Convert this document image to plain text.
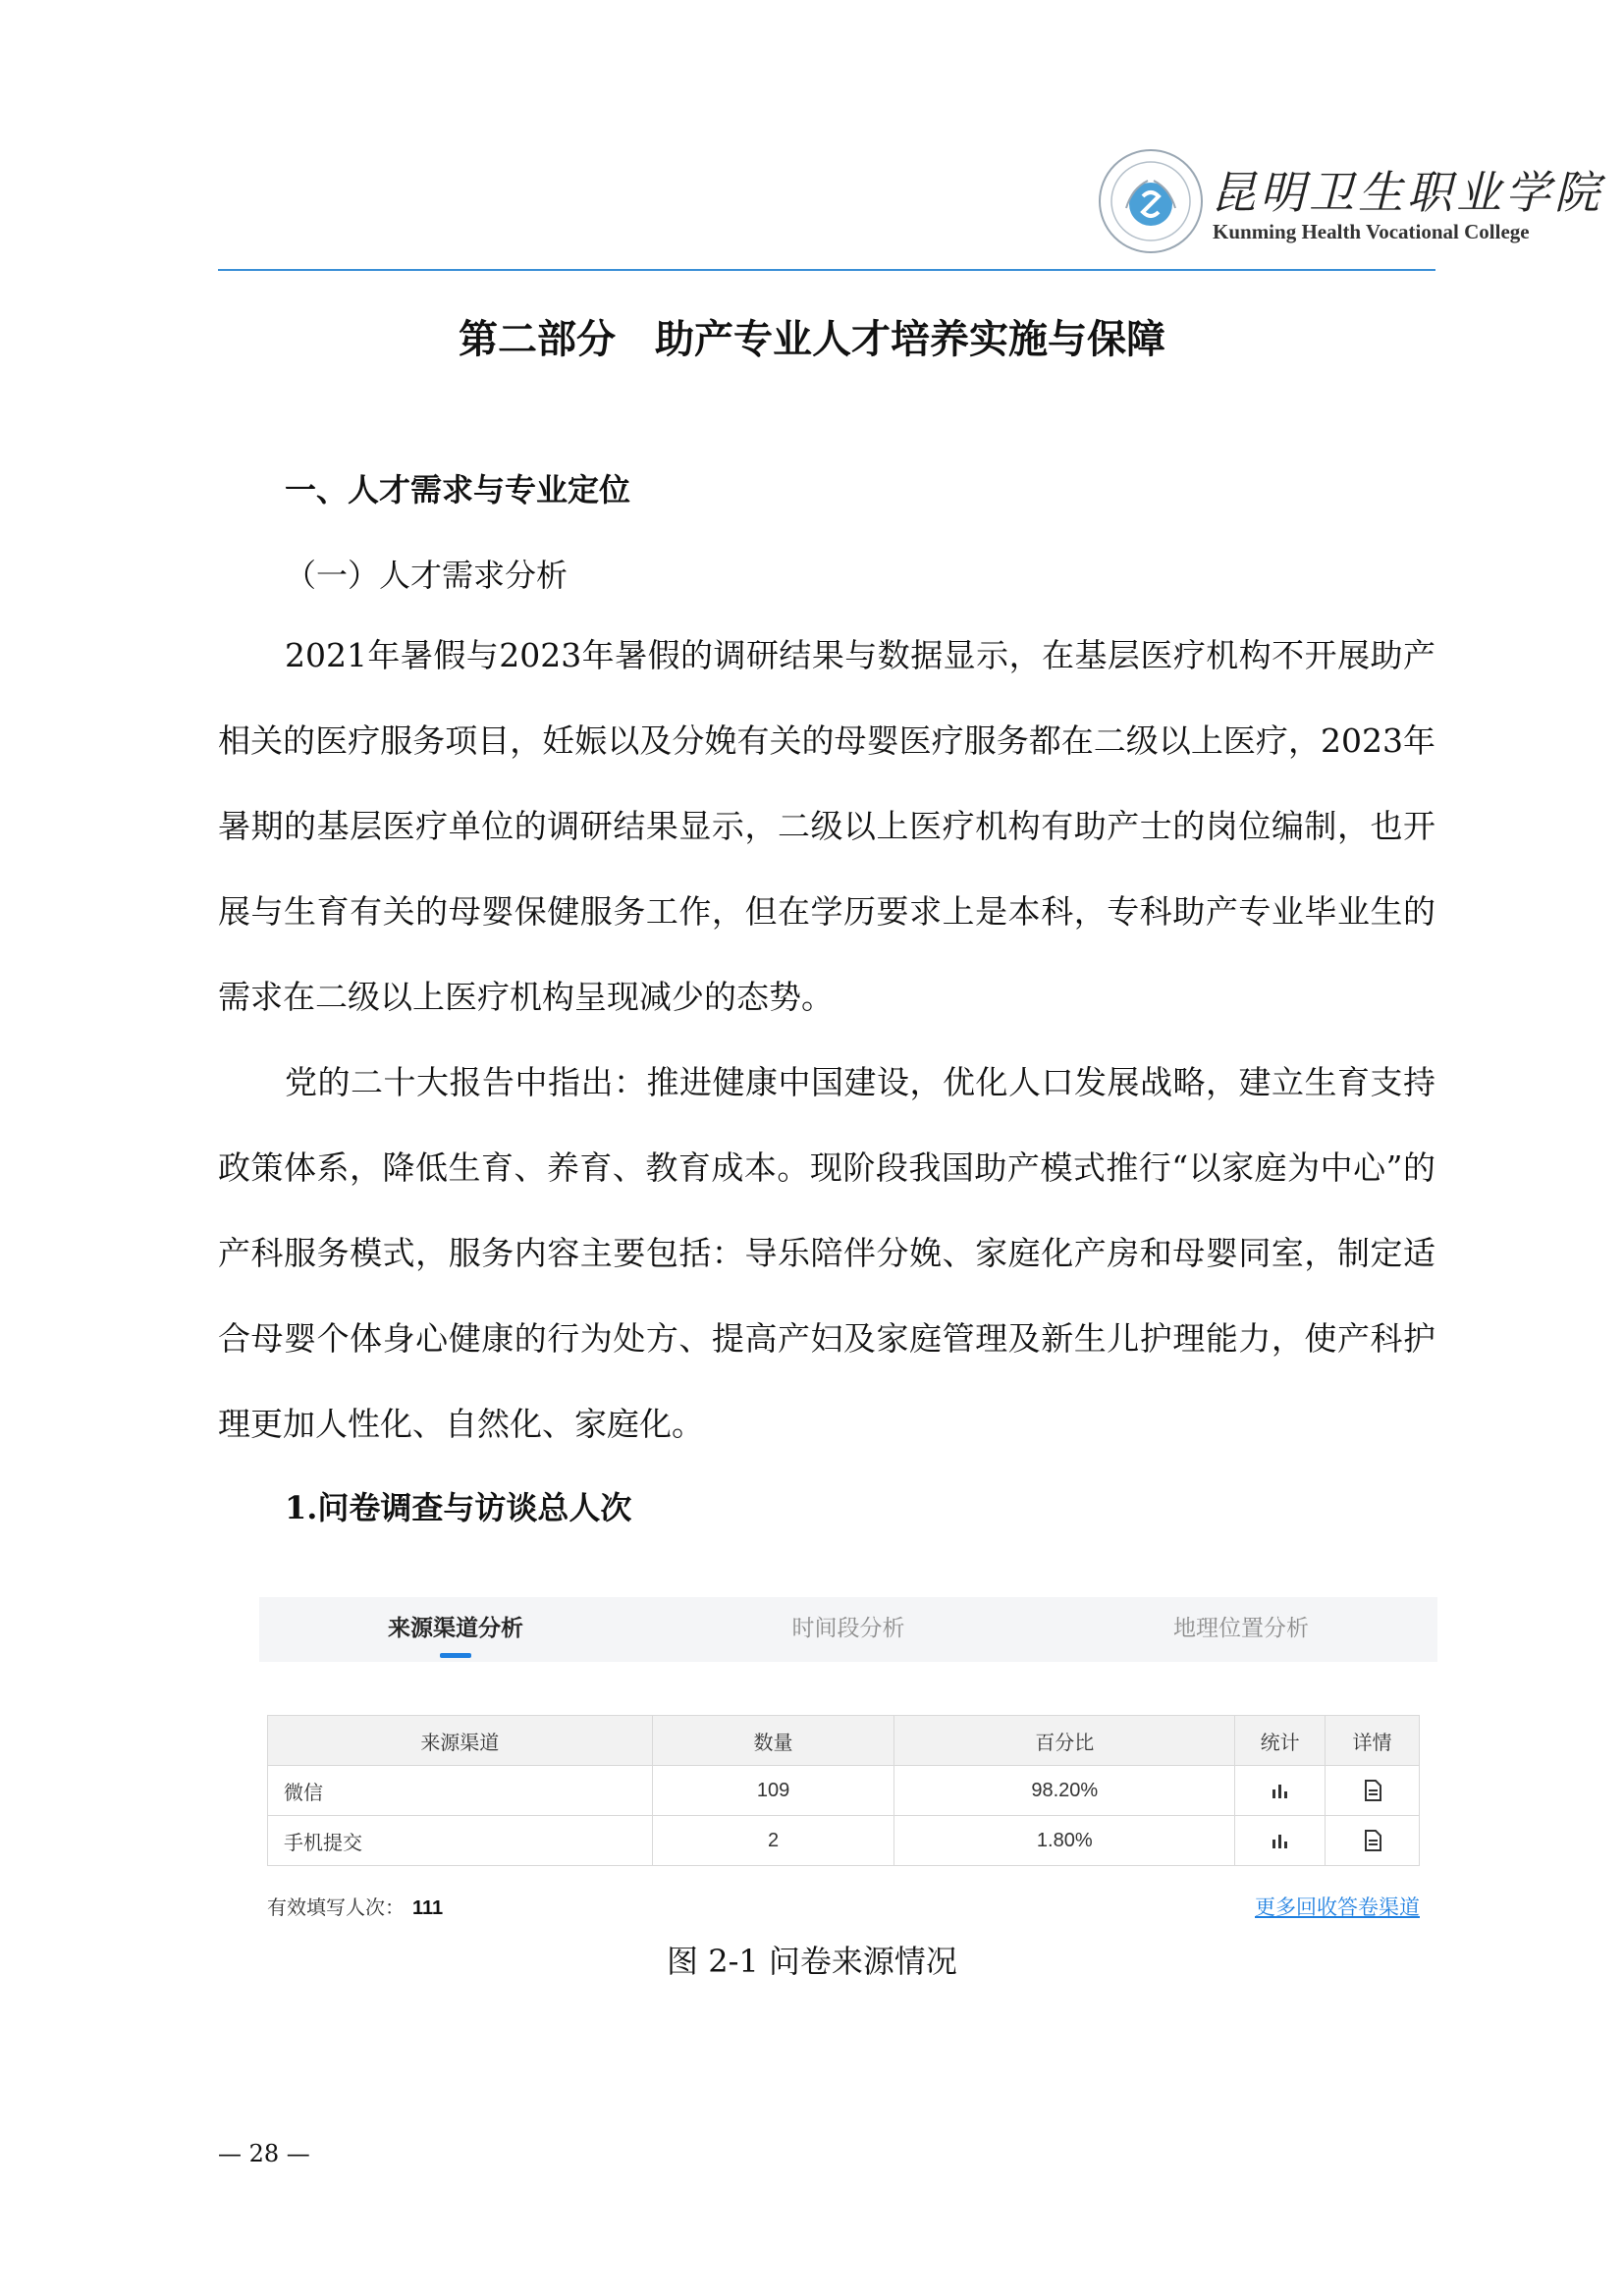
昆明卫生职业学院
Kunming Health Vocational College
第二部分　助产专业人才培养实施与保障
一、人才需求与专业定位
（一）人才需求分析

2021年暑假与2023年暑假的调研结果与数据显示，在基层医疗机构不开展助产相关的医疗服务项目，妊娠以及分娩有关的母婴医疗服务都在二级以上医疗，2023年暑期的基层医疗单位的调研结果显示，二级以上医疗机构有助产士的岗位编制，也开展与生育有关的母婴保健服务工作，但在学历要求上是本科，专科助产专业毕业生的需求在二级以上医疗机构呈现减少的态势。

党的二十大报告中指出：推进健康中国建设，优化人口发展战略，建立生育支持政策体系，降低生育、养育、教育成本。现阶段我国助产模式推行“以家庭为中心”的产科服务模式，服务内容主要包括：导乐陪伴分娩、家庭化产房和母婴同室，制定适合母婴个体身心健康的行为处方、提高产妇及家庭管理及新生儿护理能力，使产科护理更加人性化、自然化、家庭化。

1.问卷调查与访谈总人次
来源渠道分析	时间段分析	地理位置分析
来源渠道	数量	百分比	统计	详情
微信	109	98.20%		
手机提交	2	1.80%		
有效填写人次： 111	更多回收答卷渠道
图 2-1 问卷来源情况
— 28 —
